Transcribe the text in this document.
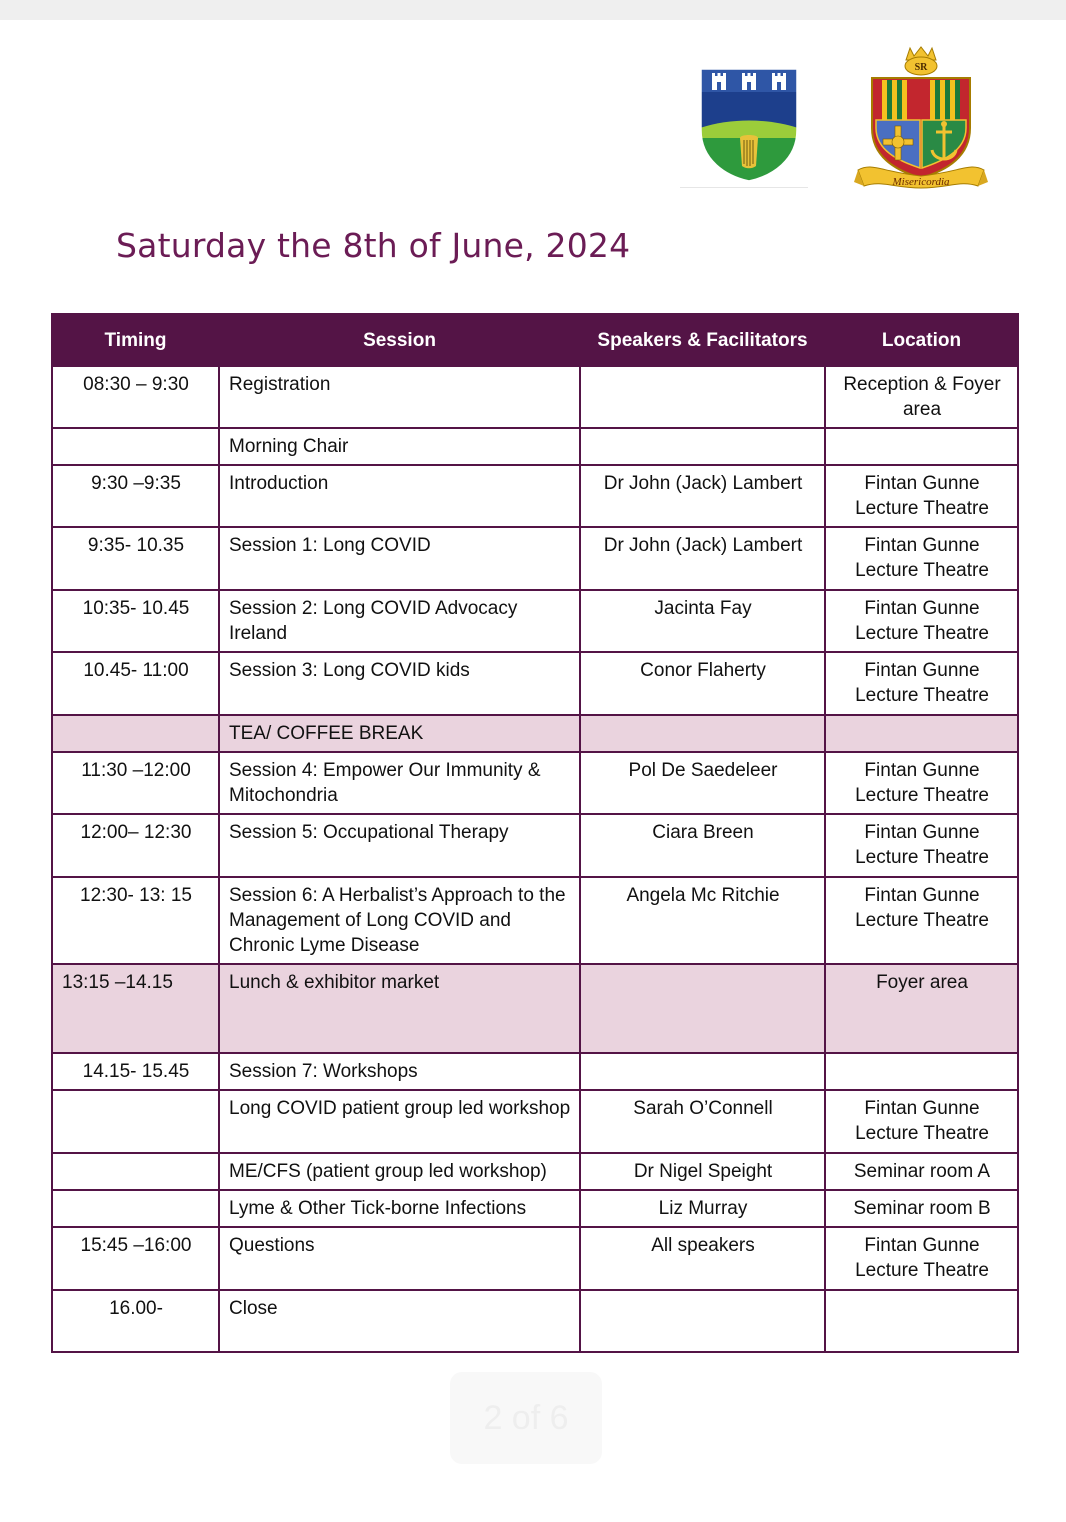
SR
Misericordia
Saturday the 8th of June, 2024
Timing	Session	Speakers & Facilitators	Location
08:30 – 9:30	Registration		Reception & Foyer area
	Morning Chair		
9:30 –9:35	Introduction	Dr John (Jack) Lambert	Fintan Gunne Lecture Theatre
9:35- 10.35	Session 1: Long COVID	Dr John (Jack) Lambert	Fintan Gunne Lecture Theatre
10:35- 10.45	Session 2: Long COVID Advocacy Ireland	Jacinta Fay	Fintan Gunne Lecture Theatre
10.45- 11:00	Session 3: Long COVID kids	Conor Flaherty	Fintan Gunne Lecture Theatre
	TEA/ COFFEE BREAK		
11:30 –12:00	Session 4: Empower Our Immunity & Mitochondria	Pol De Saedeleer	Fintan Gunne Lecture Theatre
12:00– 12:30	Session 5: Occupational Therapy	Ciara Breen	Fintan Gunne Lecture Theatre
12:30- 13: 15	Session 6: A Herbalist’s Approach to the Management of Long COVID and Chronic Lyme Disease	Angela Mc Ritchie	Fintan Gunne Lecture Theatre
13:15 –14.15	Lunch & exhibitor market		Foyer area
14.15- 15.45	Session 7: Workshops		
	Long COVID patient group led workshop	Sarah O’Connell	Fintan Gunne Lecture Theatre
	ME/CFS (patient group led workshop)	Dr Nigel Speight	Seminar room A
	Lyme & Other Tick-borne Infections	Liz Murray	Seminar room B
15:45 –16:00	Questions	All speakers	Fintan Gunne Lecture Theatre
16.00-	Close		
2 of 6
